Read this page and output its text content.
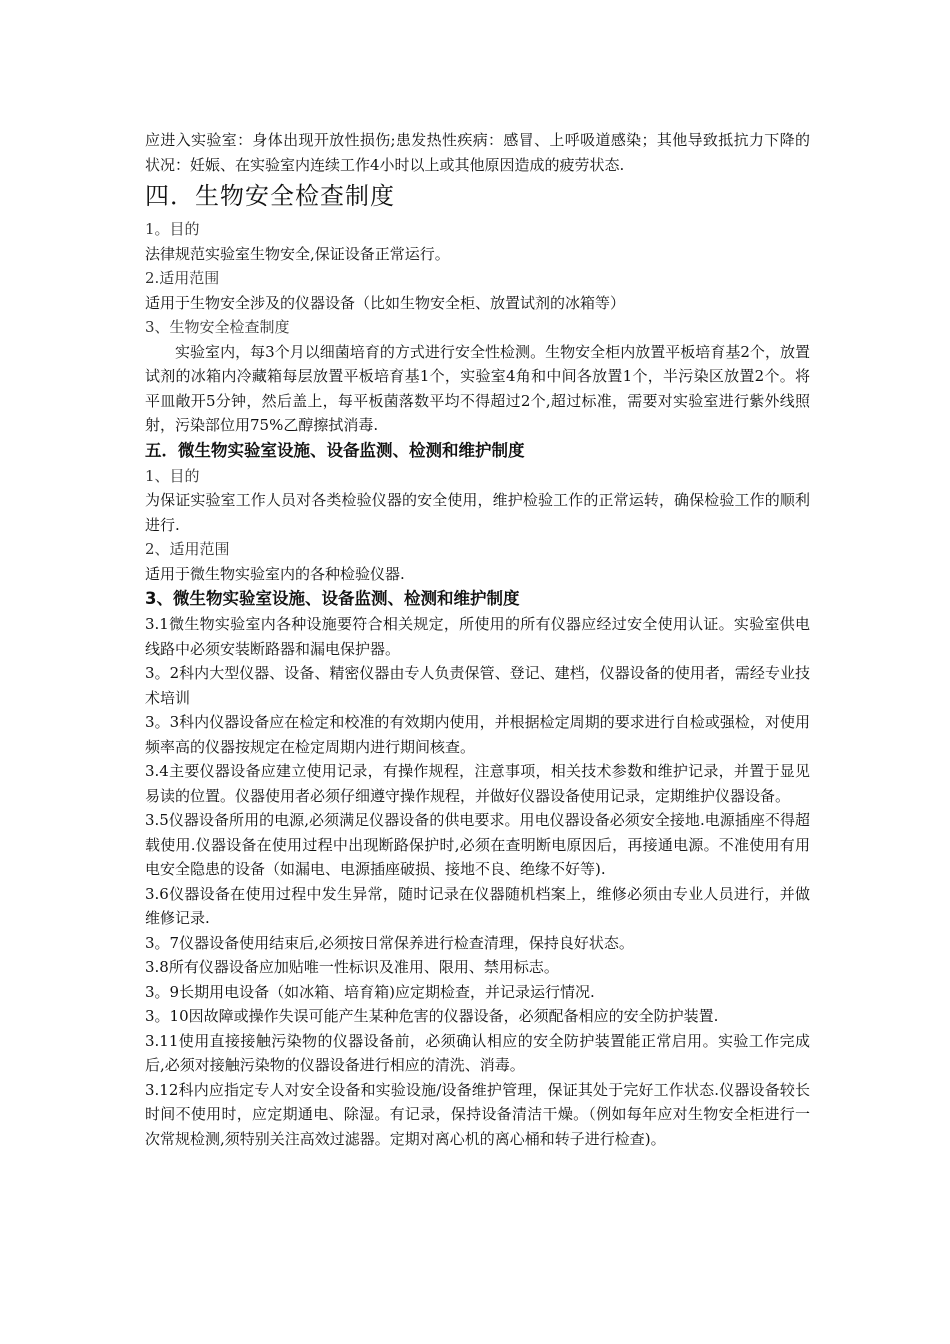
应进入实验室：身体出现开放性损伤;患发热性疾病：感冒、上呼吸道感染；其他导致抵抗力下降的状况：妊娠、在实验室内连续工作4小时以上或其他原因造成的疲劳状态.

四．生物安全检查制度

1。目的

法律规范实验室生物安全,保证设备正常运行。

2.适用范围

适用于生物安全涉及的仪器设备（比如生物安全柜、放置试剂的冰箱等）

3、生物安全检查制度

实验室内，每3个月以细菌培育的方式进行安全性检测。生物安全柜内放置平板培育基2个，放置试剂的冰箱内冷藏箱每层放置平板培育基1个，实验室4角和中间各放置1个，半污染区放置2个。将平皿敞开5分钟，然后盖上，每平板菌落数平均不得超过2个,超过标准，需要对实验室进行紫外线照射，污染部位用75%乙醇擦拭消毒.

五．微生物实验室设施、设备监测、检测和维护制度

1、目的

为保证实验室工作人员对各类检验仪器的安全使用，维护检验工作的正常运转，确保检验工作的顺利进行.

2、适用范围

适用于微生物实验室内的各种检验仪器.

3、微生物实验室设施、设备监测、检测和维护制度

3.1微生物实验室内各种设施要符合相关规定，所使用的所有仪器应经过安全使用认证。实验室供电线路中必须安装断路器和漏电保护器。

3。2科内大型仪器、设备、精密仪器由专人负责保管、登记、建档，仪器设备的使用者，需经专业技术培训

3。3科内仪器设备应在检定和校准的有效期内使用，并根据检定周期的要求进行自检或强检，对使用频率高的仪器按规定在检定周期内进行期间核查。

3.4主要仪器设备应建立使用记录，有操作规程，注意事项，相关技术参数和维护记录，并置于显见易读的位置。仪器使用者必须仔细遵守操作规程，并做好仪器设备使用记录，定期维护仪器设备。

3.5仪器设备所用的电源,必须满足仪器设备的供电要求。用电仪器设备必须安全接地.电源插座不得超载使用.仪器设备在使用过程中出现断路保护时,必须在查明断电原因后，再接通电源。不准使用有用电安全隐患的设备（如漏电、电源插座破损、接地不良、绝缘不好等).

3.6仪器设备在使用过程中发生异常，随时记录在仪器随机档案上，维修必须由专业人员进行，并做维修记录.

3。7仪器设备使用结束后,必须按日常保养进行检查清理，保持良好状态。

3.8所有仪器设备应加贴唯一性标识及准用、限用、禁用标志。

3。9长期用电设备（如冰箱、培育箱)应定期检查，并记录运行情况.

3。10因故障或操作失误可能产生某种危害的仪器设备，必须配备相应的安全防护装置.

3.11使用直接接触污染物的仪器设备前，必须确认相应的安全防护装置能正常启用。实验工作完成后,必须对接触污染物的仪器设备进行相应的清洗、消毒。

3.12科内应指定专人对安全设备和实验设施/设备维护管理，保证其处于完好工作状态.仪器设备较长时间不使用时，应定期通电、除湿。有记录，保持设备清洁干燥。（例如每年应对生物安全柜进行一次常规检测,须特别关注高效过滤器。定期对离心机的离心桶和转子进行检查)。
